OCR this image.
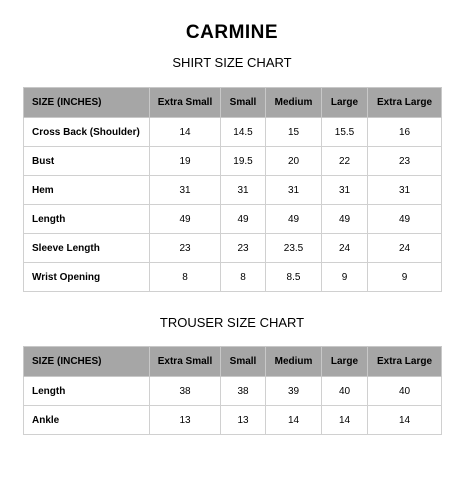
CARMINE
SHIRT SIZE CHART
SIZE (INCHES)	Extra Small	Small	Medium	Large	Extra Large
Cross Back (Shoulder)	14	14.5	15	15.5	16
Bust	19	19.5	20	22	23
Hem	31	31	31	31	31
Length	49	49	49	49	49
Sleeve Length	23	23	23.5	24	24
Wrist Opening	8	8	8.5	9	9
TROUSER SIZE CHART
SIZE (INCHES)	Extra Small	Small	Medium	Large	Extra Large
Length	38	38	39	40	40
Ankle	13	13	14	14	14
